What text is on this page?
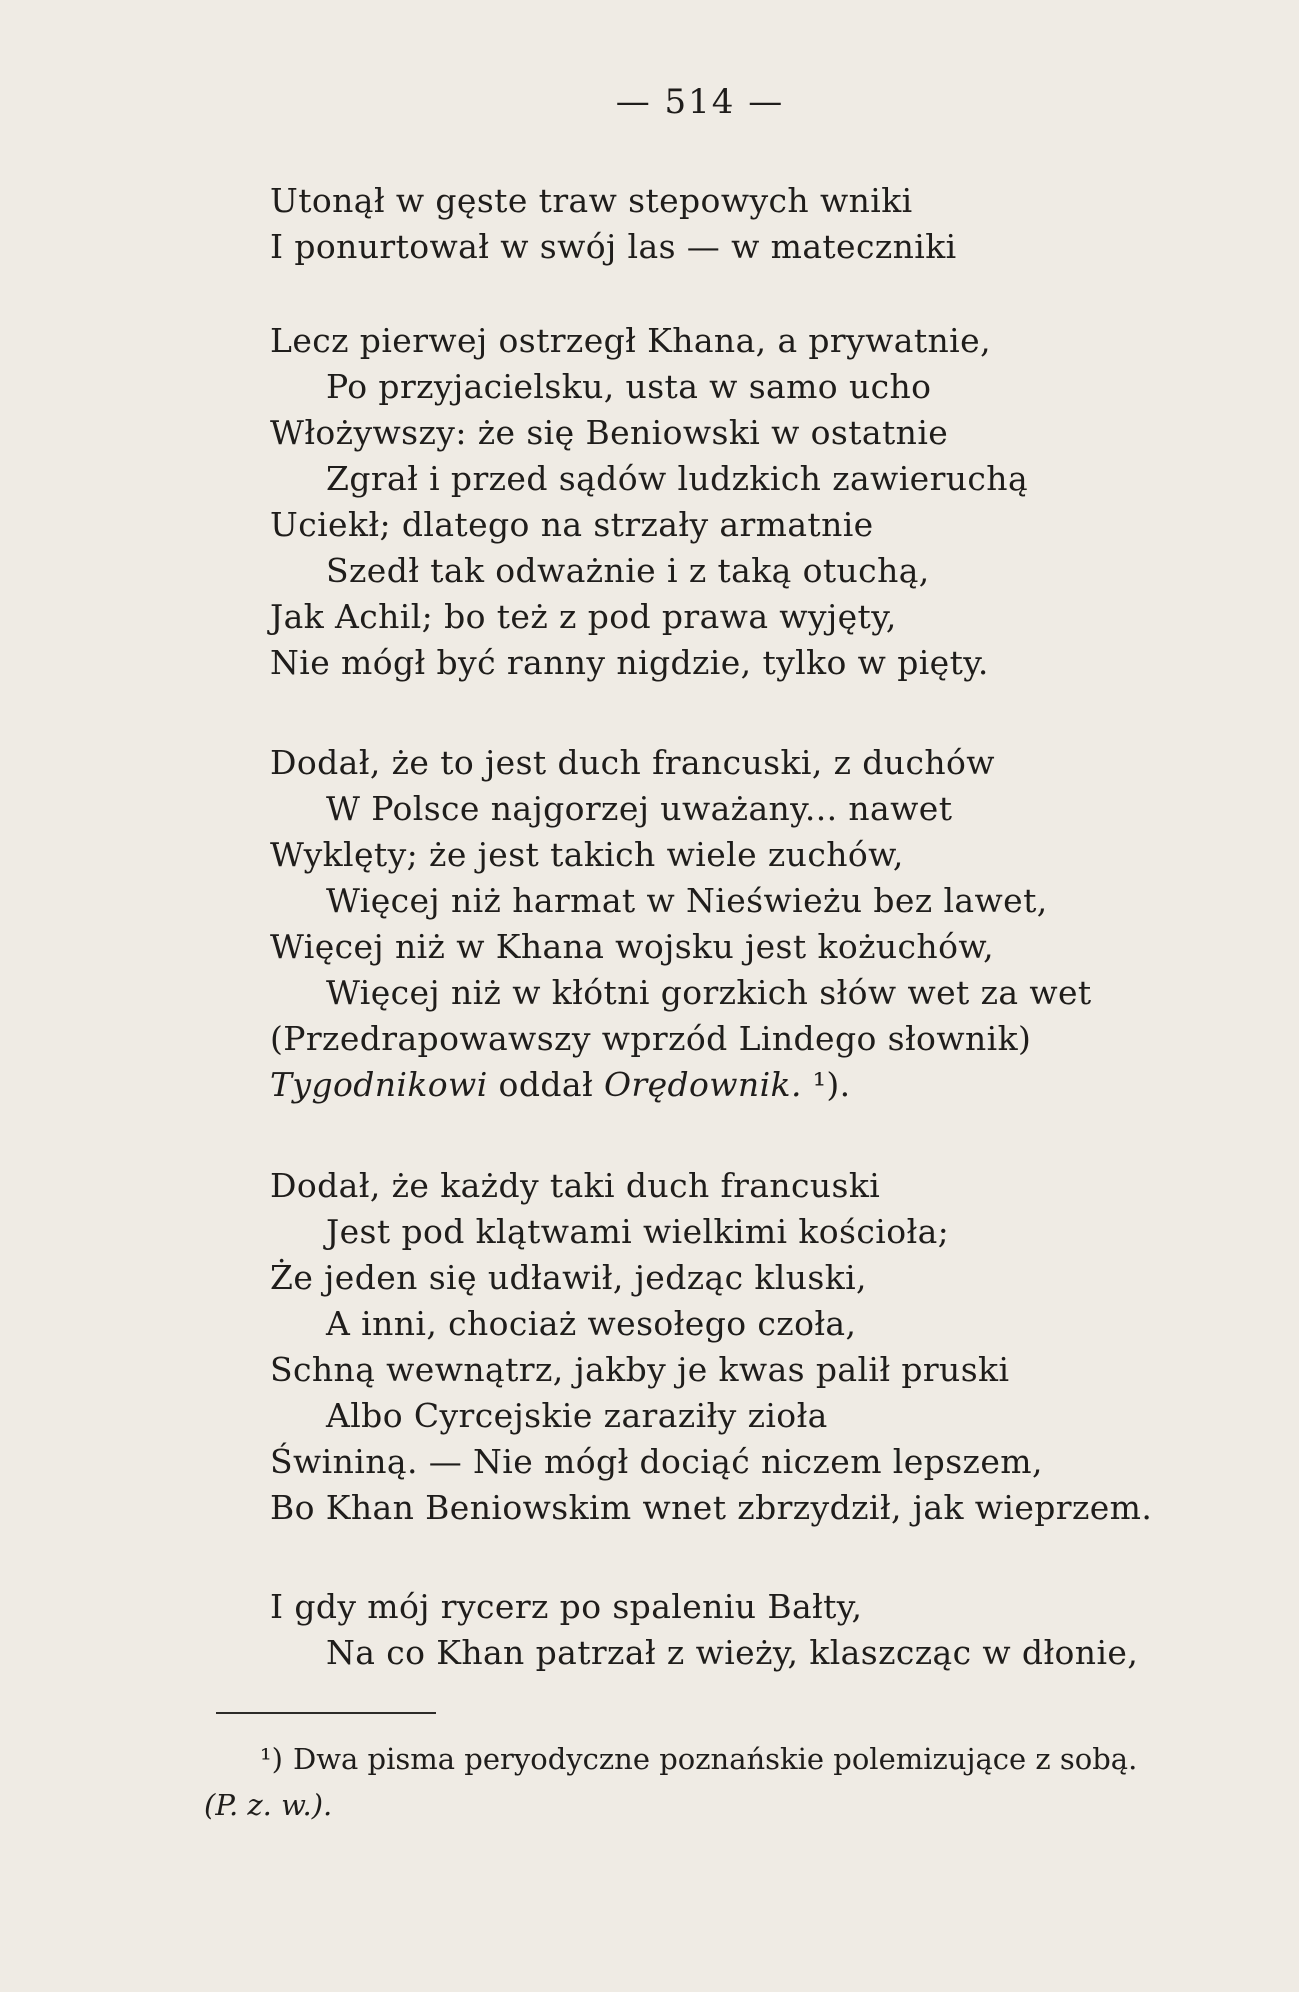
— 514 —
Utonął w gęste traw stepowych wniki
I ponurtował w swój las — w mateczniki
Lecz pierwej ostrzegł Khana, a prywatnie,
Po przyjacielsku, usta w samo ucho
Włożywszy: że się Beniowski w ostatnie
Zgrał i przed sądów ludzkich zawieruchą
Uciekł; dlatego na strzały armatnie
Szedł tak odważnie i z taką otuchą,
Jak Achil; bo też z pod prawa wyjęty,
Nie mógł być ranny nigdzie, tylko w pięty.
Dodał, że to jest duch francuski, z duchów
W Polsce najgorzej uważany... nawet
Wyklęty; że jest takich wiele zuchów,
Więcej niż harmat w Nieświeżu bez lawet,
Więcej niż w Khana wojsku jest kożuchów,
Więcej niż w kłótni gorzkich słów wet za wet
(Przedrapowawszy wprzód Lindego słownik)
Tygodnikowi oddał Orędownik. ¹).
Dodał, że każdy taki duch francuski
Jest pod klątwami wielkimi kościoła;
Że jeden się udławił, jedząc kluski,
A inni, chociaż wesołego czoła,
Schną wewnątrz, jakby je kwas palił pruski
Albo Cyrcejskie zaraziły zioła
Świniną. — Nie mógł dociąć niczem lepszem,
Bo Khan Beniowskim wnet zbrzydził, jak wieprzem.
I gdy mój rycerz po spaleniu Bałty,
Na co Khan patrzał z wieży, klaszcząc w dłonie,
¹) Dwa pisma peryodyczne poznańskie polemizujące z sobą.
(P. z. w.).
